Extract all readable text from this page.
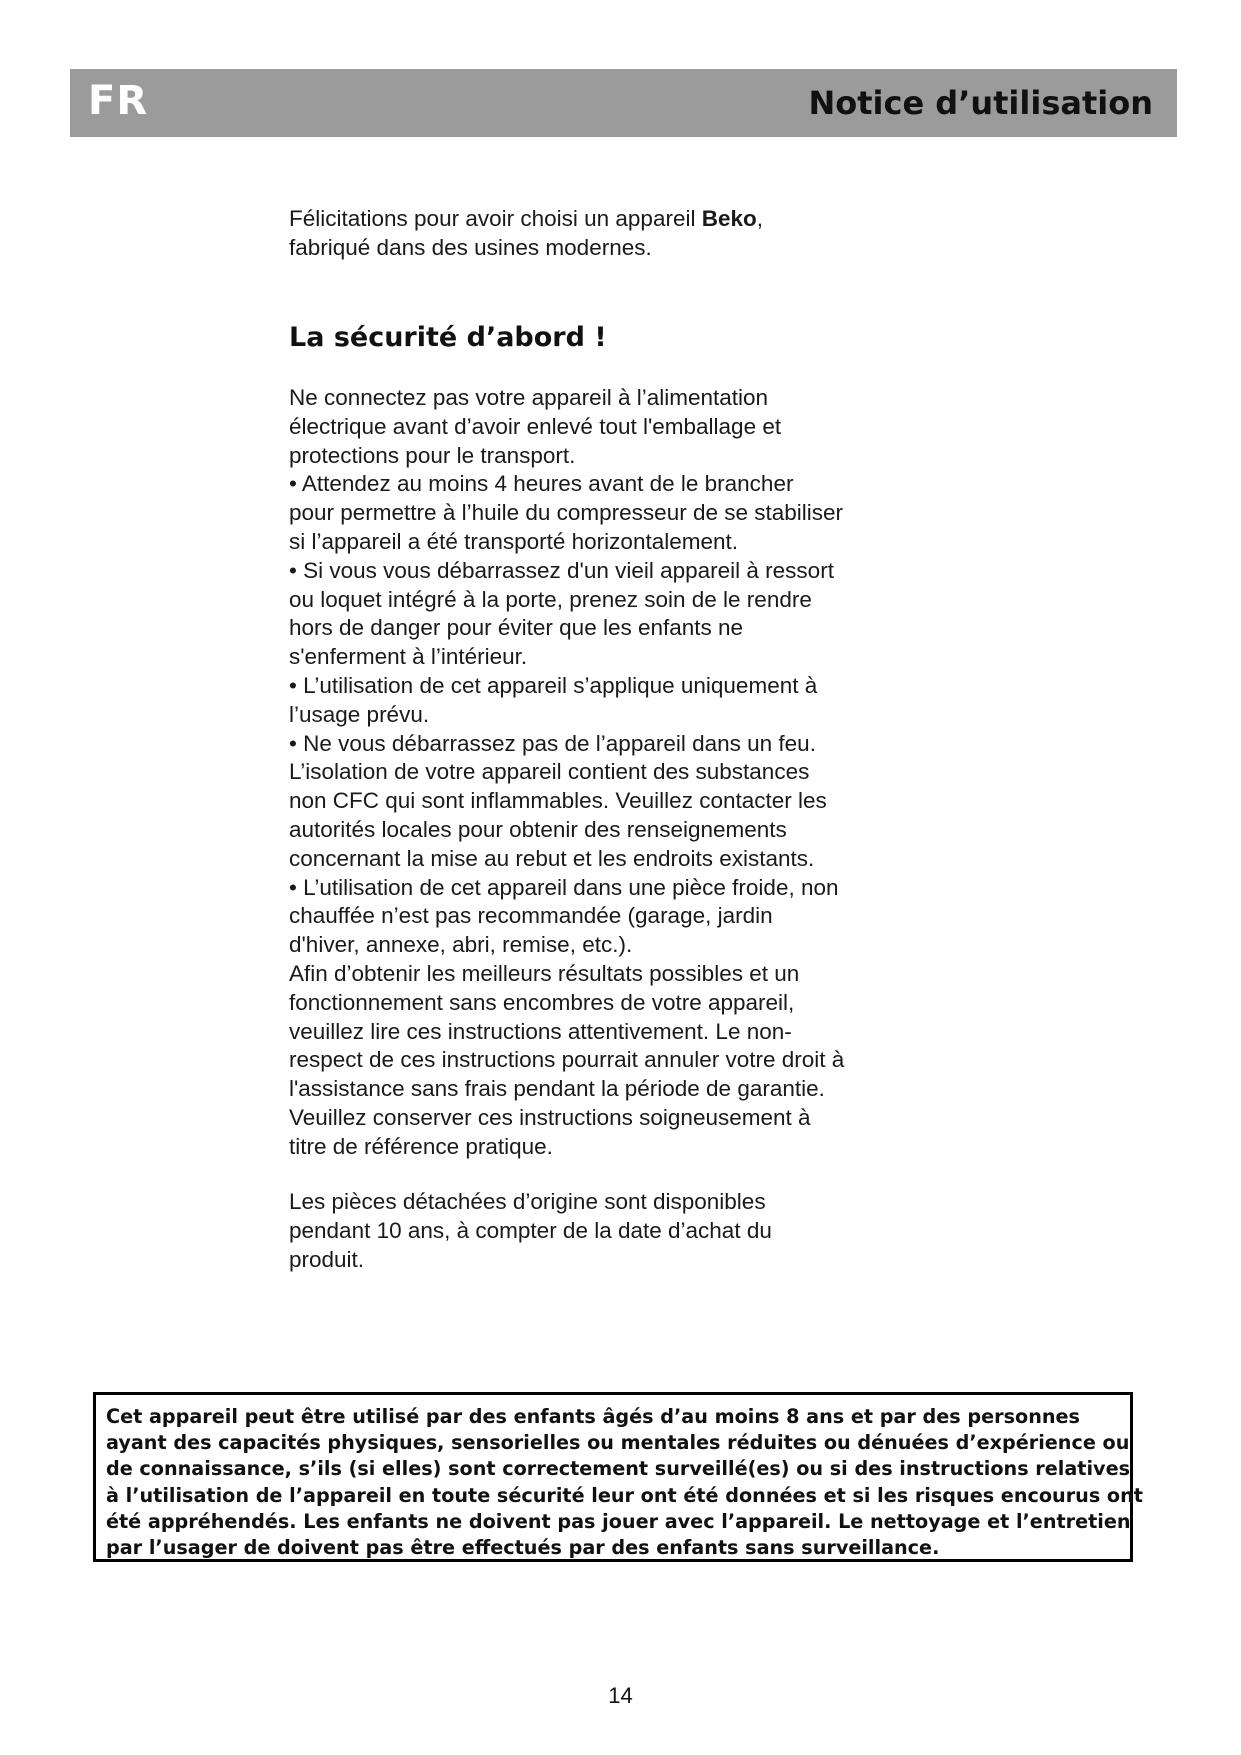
FR	Notice d’utilisation
Félicitations pour avoir choisi un appareil Beko,
fabriqué dans des usines modernes.
La sécurité d’abord !
Ne connectez pas votre appareil à l’alimentation
électrique avant d’avoir enlevé tout l'emballage et
protections pour le transport.
• Attendez au moins 4 heures avant de le brancher
pour permettre à l’huile du compresseur de se stabiliser
si l’appareil a été transporté horizontalement.
• Si vous vous débarrassez d'un vieil appareil à ressort
ou loquet intégré à la porte, prenez soin de le rendre
hors de danger pour éviter que les enfants ne
s'enferment à l’intérieur.
• L’utilisation de cet appareil s’applique uniquement à
l’usage prévu.
• Ne vous débarrassez pas de l’appareil dans un feu.
L’isolation de votre appareil contient des substances
non CFC qui sont inflammables. Veuillez contacter les
autorités locales pour obtenir des renseignements
concernant la mise au rebut et les endroits existants.
• L’utilisation de cet appareil dans une pièce froide, non
chauffée n’est pas recommandée (garage, jardin
d'hiver, annexe, abri, remise, etc.).
Afin d’obtenir les meilleurs résultats possibles et un
fonctionnement sans encombres de votre appareil,
veuillez lire ces instructions attentivement. Le non-
respect de ces instructions pourrait annuler votre droit à
l'assistance sans frais pendant la période de garantie.
Veuillez conserver ces instructions soigneusement à
titre de référence pratique.
Les pièces détachées d’origine sont disponibles
pendant 10 ans, à compter de la date d’achat du
produit.
Cet appareil peut être utilisé par des enfants âgés d’au moins 8 ans et par des personnes
ayant des capacités physiques, sensorielles ou mentales réduites ou dénuées d’expérience ou
de connaissance, s’ils (si elles) sont correctement surveillé(es) ou si des instructions relatives
à l’utilisation de l’appareil en toute sécurité leur ont été données et si les risques encourus ont
été appréhendés. Les enfants ne doivent pas jouer avec l’appareil. Le nettoyage et l’entretien
par l’usager de doivent pas être effectués par des enfants sans surveillance.
14
